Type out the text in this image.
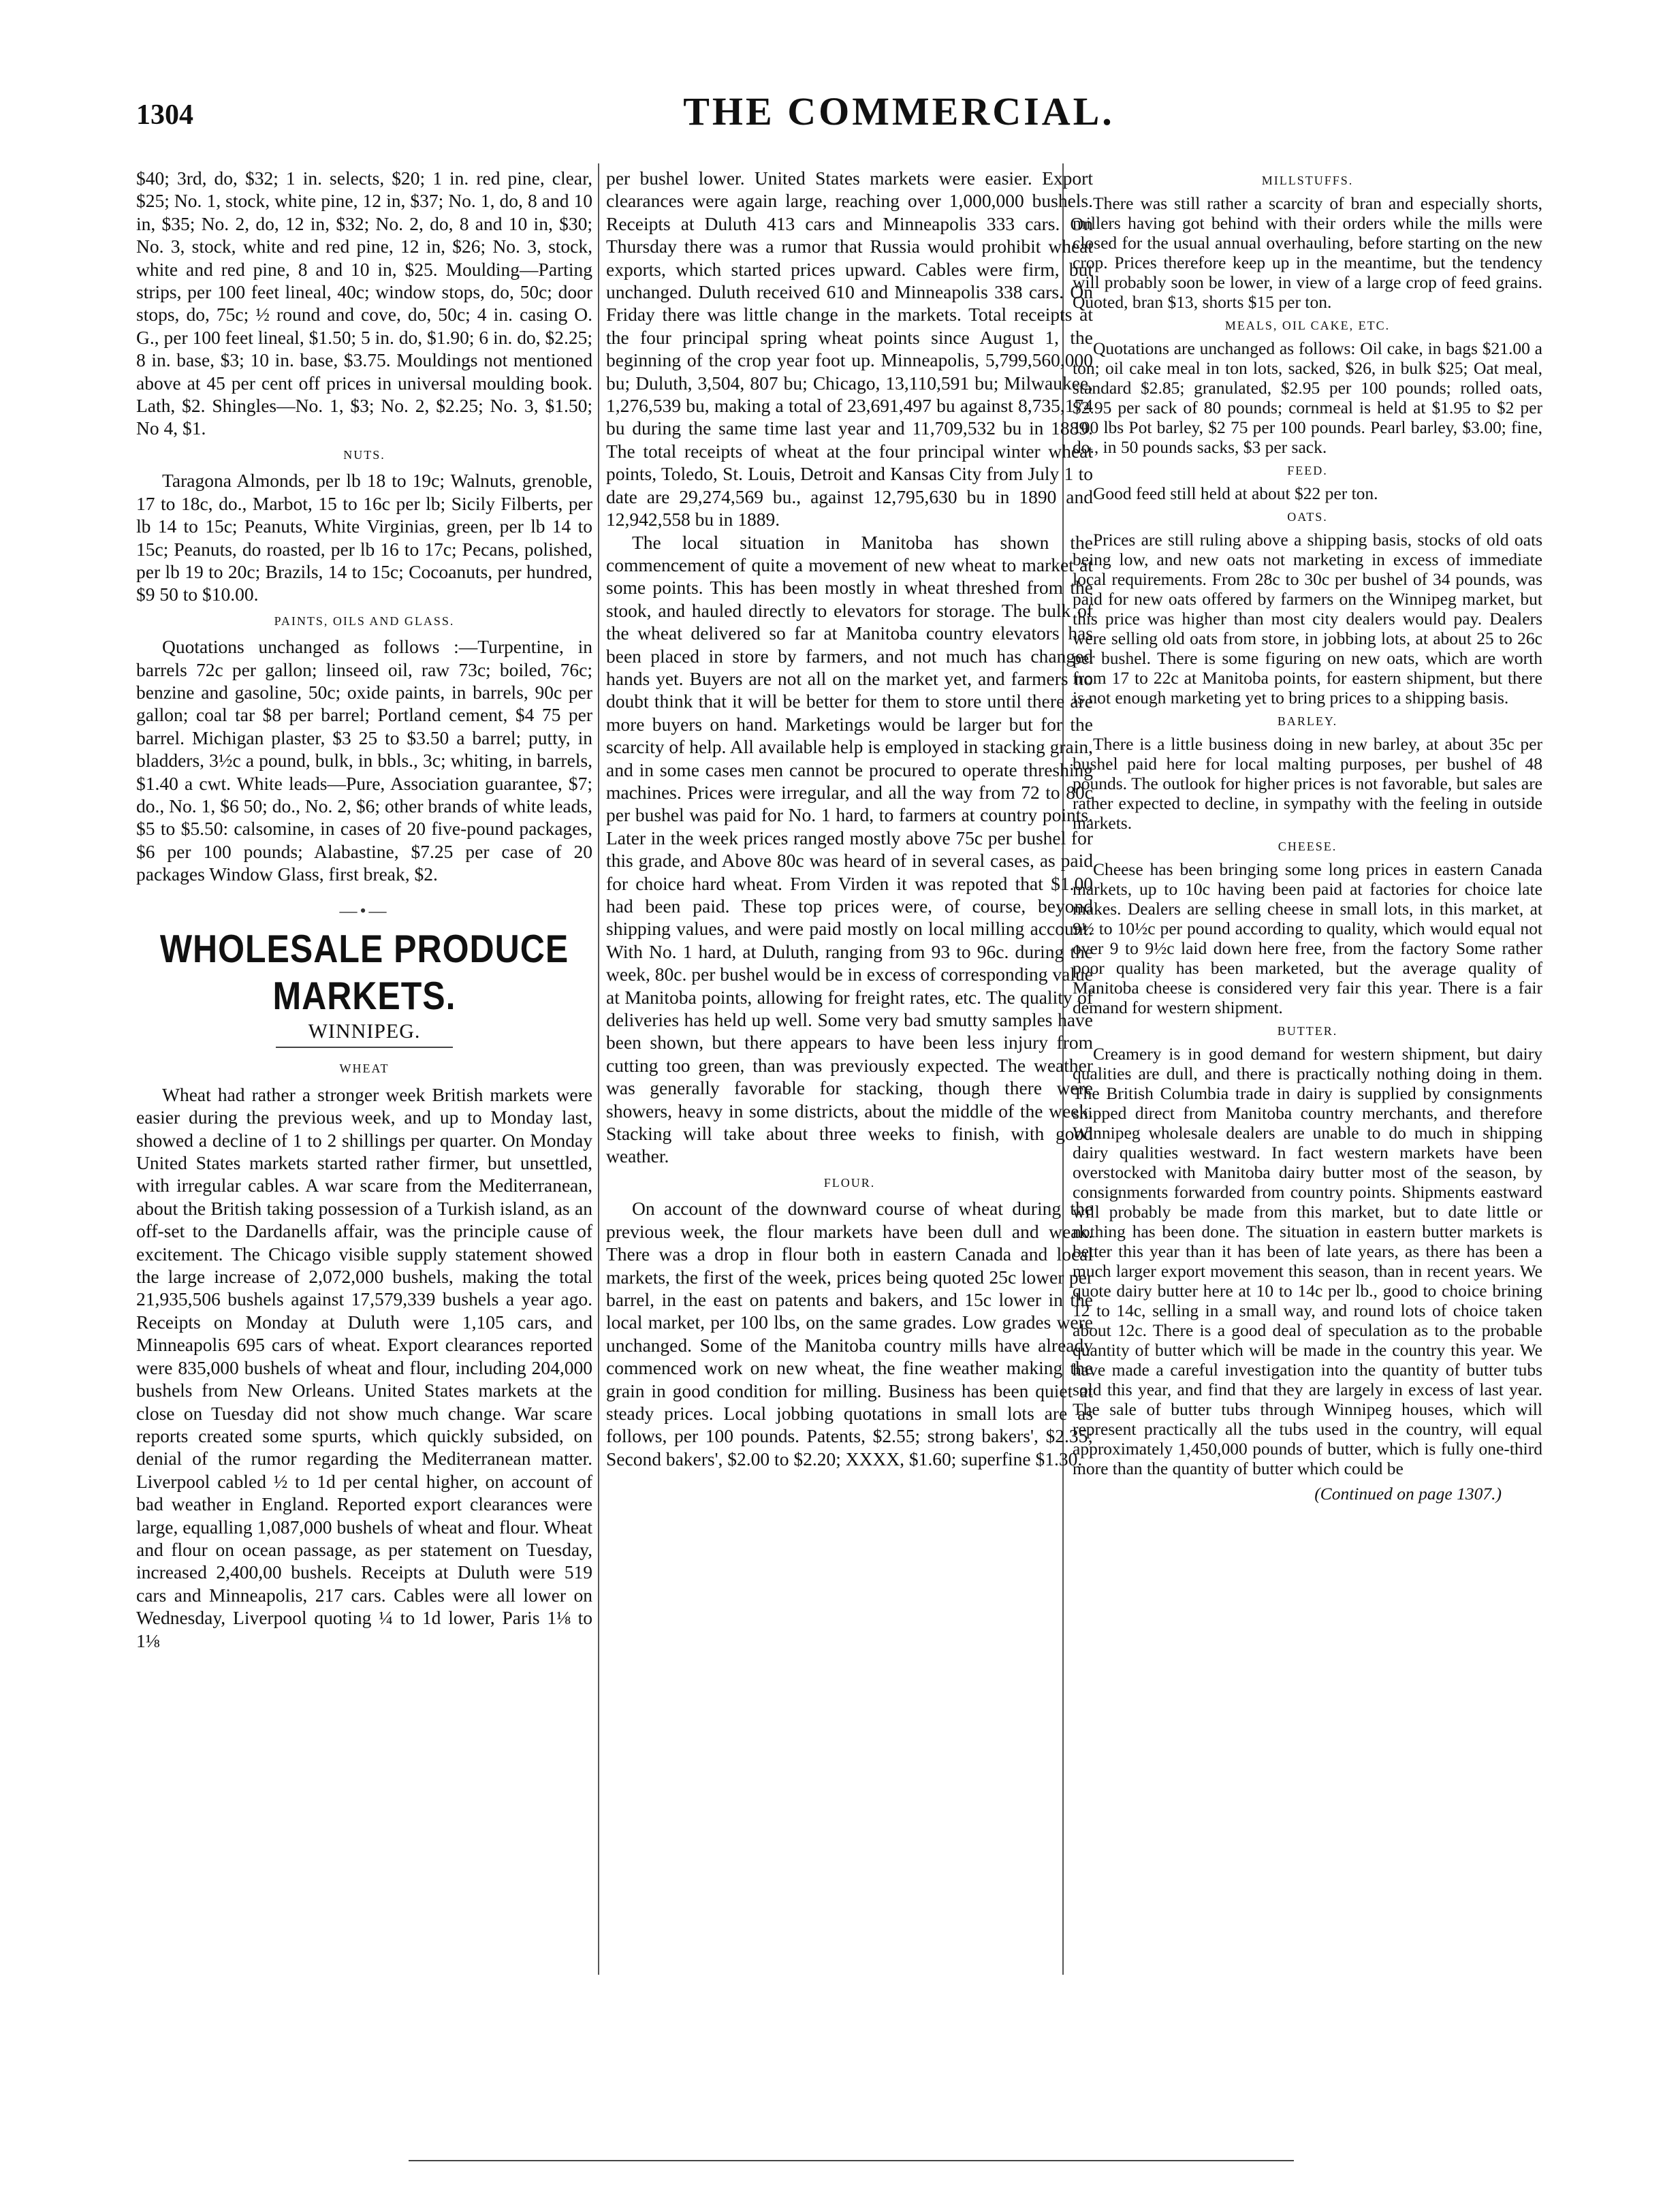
1304	THE COMMERCIAL.

$40; 3rd, do, $32; 1 in. selects, $20; 1 in. red pine, clear, $25; No. 1, stock, white pine, 12 in, $37; No. 1, do, 8 and 10 in, $35; No. 2, do, 12 in, $32; No. 2, do, 8 and 10 in, $30; No. 3, stock, white and red pine, 12 in, $26; No. 3, stock, white and red pine, 8 and 10 in, $25. Moulding—Parting strips, per 100 feet lineal, 40c; window stops, do, 50c; door stops, do, 75c; ½ round and cove, do, 50c; 4 in. casing O. G., per 100 feet lineal, $1.50; 5 in. do, $1.90; 6 in. do, $2.25; 8 in. base, $3; 10 in. base, $3.75. Mouldings not mentioned above at 45 per cent off prices in universal moulding book. Lath, $2. Shingles—No. 1, $3; No. 2, $2.25; No. 3, $1.50; No 4, $1.

NUTS.

Taragona Almonds, per lb 18 to 19c; Walnuts, grenoble, 17 to 18c, do., Marbot, 15 to 16c per lb; Sicily Filberts, per lb 14 to 15c; Peanuts, White Virginias, green, per lb 14 to 15c; Peanuts, do roasted, per lb 16 to 17c; Pecans, polished, per lb 19 to 20c; Brazils, 14 to 15c; Cocoanuts, per hundred, $9 50 to $10.00.

PAINTS, OILS AND GLASS.

Quotations unchanged as follows :—Turpentine, in barrels 72c per gallon; linseed oil, raw 73c; boiled, 76c; benzine and gasoline, 50c; oxide paints, in barrels, 90c per gallon; coal tar $8 per barrel; Portland cement, $4 75 per barrel. Michigan plaster, $3 25 to $3.50 a barrel; putty, in bladders, 3½c a pound, bulk, in bbls., 3c; whiting, in barrels, $1.40 a cwt. White leads—Pure, Association guarantee, $7; do., No. 1, $6 50; do., No. 2, $6; other brands of white leads, $5 to $5.50: calsomine, in cases of 20 five-pound packages, $6 per 100 pounds; Alabastine, $7.25 per case of 20 packages Window Glass, first break, $2.

—•—
WHOLESALE PRODUCE MARKETS.
WINNIPEG.
WHEAT

Wheat had rather a stronger week British markets were easier during the previous week, and up to Monday last, showed a decline of 1 to 2 shillings per quarter. On Monday United States markets started rather firmer, but unsettled, with irregular cables. A war scare from the Mediterranean, about the British taking possession of a Turkish island, as an off-set to the Dardanells affair, was the principle cause of excitement. The Chicago visible supply statement showed the large increase of 2,072,000 bushels, making the total 21,935,506 bushels against 17,579,339 bushels a year ago. Receipts on Monday at Duluth were 1,105 cars, and Minneapolis 695 cars of wheat. Export clearances reported were 835,000 bushels of wheat and flour, including 204,000 bushels from New Orleans. United States markets at the close on Tuesday did not show much change. War scare reports created some spurts, which quickly subsided, on denial of the rumor regarding the Mediterranean matter. Liverpool cabled ½ to 1d per cental higher, on account of bad weather in England. Reported export clearances were large, equalling 1,087,000 bushels of wheat and flour. Wheat and flour on ocean passage, as per statement on Tuesday, increased 2,400,00 bushels. Receipts at Duluth were 519 cars and Minneapolis, 217 cars. Cables were all lower on Wednesday, Liverpool quoting ¼ to 1d lower, Paris 1⅛ to 1⅛

per bushel lower. United States markets were easier. Export clearances were again large, reaching over 1,000,000 bushels. Receipts at Duluth 413 cars and Minneapolis 333 cars. On Thursday there was a rumor that Russia would prohibit wheat exports, which started prices upward. Cables were firm, but unchanged. Duluth received 610 and Minneapolis 338 cars. On Friday there was little change in the markets. Total receipts at the four principal spring wheat points since August 1, the beginning of the crop year foot up. Minneapolis, 5,799,560,000 bu; Duluth, 3,504, 807 bu; Chicago, 13,110,591 bu; Milwaukee, 1,276,539 bu, making a total of 23,691,497 bu against 8,735,174 bu during the same time last year and 11,709,532 bu in 1889. The total receipts of wheat at the four principal winter wheat points, Toledo, St. Louis, Detroit and Kansas City from July 1 to date are 29,274,569 bu., against 12,795,630 bu in 1890 and 12,942,558 bu in 1889.

The local situation in Manitoba has shown the commencement of quite a movement of new wheat to market at some points. This has been mostly in wheat threshed from the stook, and hauled directly to elevators for storage. The bulk of the wheat delivered so far at Manitoba country elevators has been placed in store by farmers, and not much has changed hands yet. Buyers are not all on the market yet, and farmers no doubt think that it will be better for them to store until there are more buyers on hand. Marketings would be larger but for the scarcity of help. All available help is employed in stacking grain, and in some cases men cannot be procured to operate threshing machines. Prices were irregular, and all the way from 72 to 80c per bushel was paid for No. 1 hard, to farmers at country points. Later in the week prices ranged mostly above 75c per bushel for this grade, and Above 80c was heard of in several cases, as paid for choice hard wheat. From Virden it was repoted that $1.00 had been paid. These top prices were, of course, beyond shipping values, and were paid mostly on local milling account. With No. 1 hard, at Duluth, ranging from 93 to 96c. during the week, 80c. per bushel would be in excess of corresponding value at Manitoba points, allowing for freight rates, etc. The quality of deliveries has held up well. Some very bad smutty samples have been shown, but there appears to have been less injury from cutting too green, than was previously expected. The weather was generally favorable for stacking, though there were showers, heavy in some districts, about the middle of the week. Stacking will take about three weeks to finish, with good weather.

FLOUR.

On account of the downward course of wheat during the previous week, the flour markets have been dull and weak. There was a drop in flour both in eastern Canada and local markets, the first of the week, prices being quoted 25c lower per barrel, in the east on patents and bakers, and 15c lower in the local market, per 100 lbs, on the same grades. Low grades were unchanged. Some of the Manitoba country mills have already commenced work on new wheat, the fine weather making the grain in good condition for milling. Business has been quiet at steady prices. Local jobbing quotations in small lots are as follows, per 100 pounds. Patents, $2.55; strong bakers', $2.35; Second bakers', $2.00 to $2.20; XXXX, $1.60; superfine $1.30.

MILLSTUFFS.

There was still rather a scarcity of bran and especially shorts, millers having got behind with their orders while the mills were closed for the usual annual overhauling, before starting on the new crop. Prices therefore keep up in the meantime, but the tendency will probably soon be lower, in view of a large crop of feed grains. Quoted, bran $13, shorts $15 per ton.

MEALS, OIL CAKE, ETC.

Quotations are unchanged as follows: Oil cake, in bags $21.00 a ton; oil cake meal in ton lots, sacked, $26, in bulk $25; Oat meal, standard $2.85; granulated, $2.95 per 100 pounds; rolled oats, $2.95 per sack of 80 pounds; cornmeal is held at $1.95 to $2 per 100 lbs Pot barley, $2 75 per 100 pounds. Pearl barley, $3.00; fine, do., in 50 pounds sacks, $3 per sack.

FEED.

Good feed still held at about $22 per ton.

OATS.

Prices are still ruling above a shipping basis, stocks of old oats being low, and new oats not marketing in excess of immediate local requirements. From 28c to 30c per bushel of 34 pounds, was paid for new oats offered by farmers on the Winnipeg market, but this price was higher than most city dealers would pay. Dealers were selling old oats from store, in jobbing lots, at about 25 to 26c per bushel. There is some figuring on new oats, which are worth from 17 to 22c at Manitoba points, for eastern shipment, but there is not enough marketing yet to bring prices to a shipping basis.

BARLEY.

There is a little business doing in new barley, at about 35c per bushel paid here for local malting purposes, per bushel of 48 pounds. The outlook for higher prices is not favorable, but sales are rather expected to decline, in sympathy with the feeling in outside markets.

CHEESE.

Cheese has been bringing some long prices in eastern Canada markets, up to 10c having been paid at factories for choice late makes. Dealers are selling cheese in small lots, in this market, at 9½ to 10½c per pound according to quality, which would equal not over 9 to 9½c laid down here free, from the factory Some rather poor quality has been marketed, but the average quality of Manitoba cheese is considered very fair this year. There is a fair demand for western shipment.

BUTTER.

Creamery is in good demand for western shipment, but dairy qualities are dull, and there is practically nothing doing in them. The British Columbia trade in dairy is supplied by consignments shipped direct from Manitoba country merchants, and therefore Winnipeg wholesale dealers are unable to do much in shipping dairy qualities westward. In fact western markets have been overstocked with Manitoba dairy butter most of the season, by consignments forwarded from country points. Shipments eastward will probably be made from this market, but to date little or nothing has been done. The situation in eastern butter markets is better this year than it has been of late years, as there has been a much larger export movement this season, than in recent years. We quote dairy butter here at 10 to 14c per lb., good to choice brining 12 to 14c, selling in a small way, and round lots of choice taken about 12c. There is a good deal of speculation as to the probable quantity of butter which will be made in the country this year. We have made a careful investigation into the quantity of butter tubs sold this year, and find that they are largely in excess of last year. The sale of butter tubs through Winnipeg houses, which will represent practically all the tubs used in the country, will equal approximately 1,450,000 pounds of butter, which is fully one-third more than the quantity of butter which could be

(Continued on page 1307.)
